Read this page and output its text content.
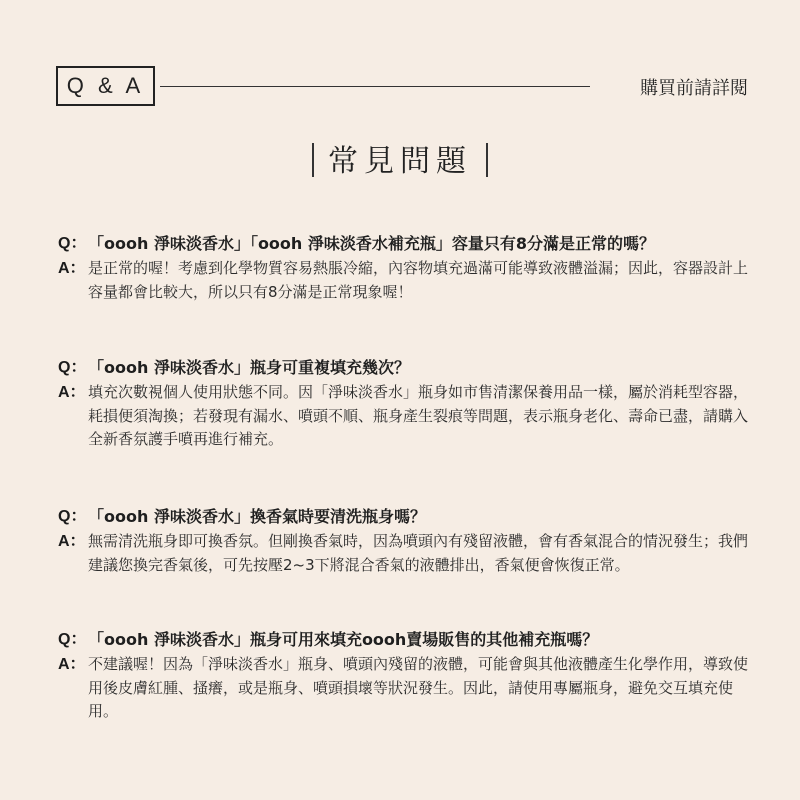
Q & A	購買前請詳閱
常見問題
Q： 「oooh 淨味淡香水」「oooh 淨味淡香水補充瓶」容量只有8分滿是正常的嗎？
A： 是正常的喔！考慮到化學物質容易熱脹冷縮，內容物填充過滿可能導致液體溢漏；因此，容器設計上容量都會比較大，所以只有8分滿是正常現象喔！
Q： 「oooh 淨味淡香水」瓶身可重複填充幾次？
A： 填充次數視個人使用狀態不同。因「淨味淡香水」瓶身如市售清潔保養用品一樣，屬於消耗型容器，耗損便須淘換；若發現有漏水、噴頭不順、瓶身產生裂痕等問題，表示瓶身老化、壽命已盡，請購入全新香氛護手噴再進行補充。
Q： 「oooh 淨味淡香水」換香氣時要清洗瓶身嗎？
A： 無需清洗瓶身即可換香氛。但剛換香氣時，因為噴頭內有殘留液體，會有香氣混合的情況發生；我們建議您換完香氣後，可先按壓2~3下將混合香氣的液體排出，香氣便會恢復正常。
Q： 「oooh 淨味淡香水」瓶身可用來填充oooh賣場販售的其他補充瓶嗎？
A： 不建議喔！因為「淨味淡香水」瓶身、噴頭內殘留的液體，可能會與其他液體產生化學作用，導致使用後皮膚紅腫、搔癢，或是瓶身、噴頭損壞等狀況發生。因此，請使用專屬瓶身，避免交互填充使用。
